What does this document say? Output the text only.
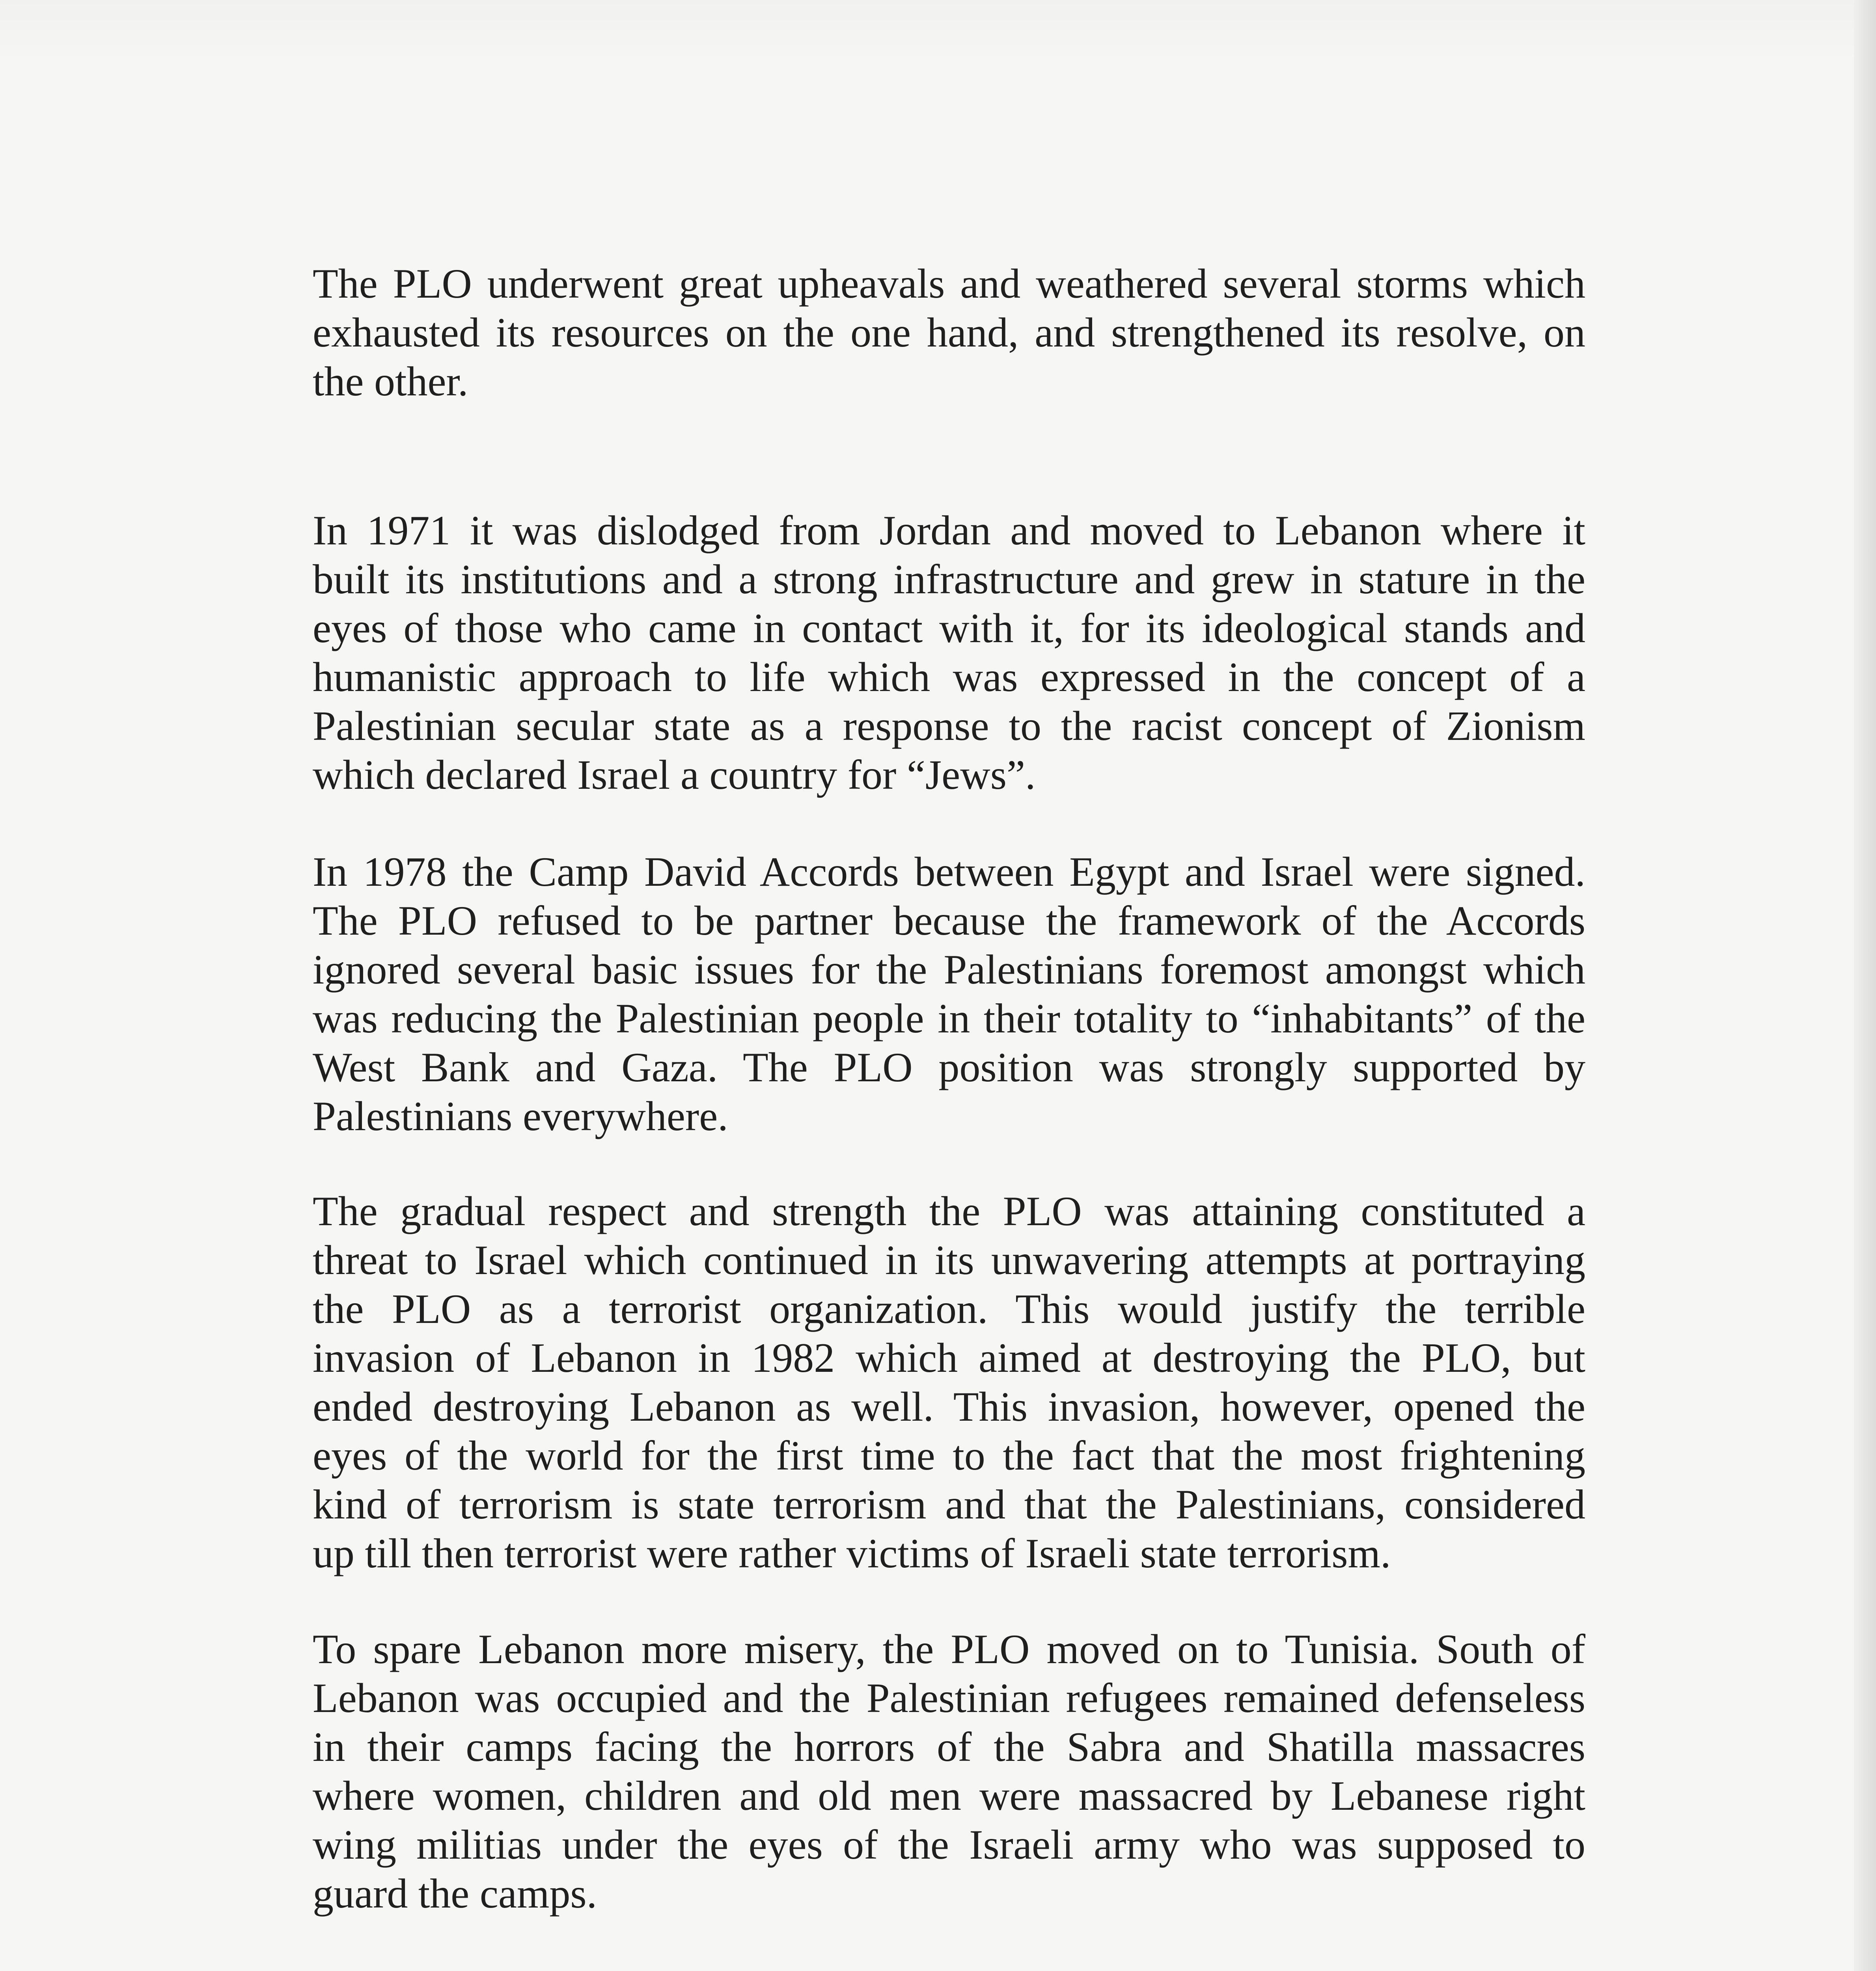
The PLO underwent great upheavals and weathered several storms which
exhausted its resources on the one hand, and strengthened its resolve, on
the other.
In 1971 it was dislodged from Jordan and moved to Lebanon where it
built its institutions and a strong infrastructure and grew in stature in the
eyes of those who came in contact with it, for its ideological stands and
humanistic approach to life which was expressed in the concept of a
Palestinian secular state as a response to the racist concept of Zionism
which declared Israel a country for “Jews”.
In 1978 the Camp David Accords between Egypt and Israel were signed.
The PLO refused to be partner because the framework of the Accords
ignored several basic issues for the Palestinians foremost amongst which
was reducing the Palestinian people in their totality to “inhabitants” of the
West Bank and Gaza. The PLO position was strongly supported by
Palestinians everywhere.
The gradual respect and strength the PLO was attaining constituted a
threat to Israel which continued in its unwavering attempts at portraying
the PLO as a terrorist organization. This would justify the terrible
invasion of Lebanon in 1982 which aimed at destroying the PLO, but
ended destroying Lebanon as well. This invasion, however, opened the
eyes of the world for the first time to the fact that the most frightening
kind of terrorism is state terrorism and that the Palestinians, considered
up till then terrorist were rather victims of Israeli state terrorism.
To spare Lebanon more misery, the PLO moved on to Tunisia. South of
Lebanon was occupied and the Palestinian refugees remained defenseless
in their camps facing the horrors of the Sabra and Shatilla massacres
where women, children and old men were massacred by Lebanese right
wing militias under the eyes of the Israeli army who was supposed to
guard the camps.
